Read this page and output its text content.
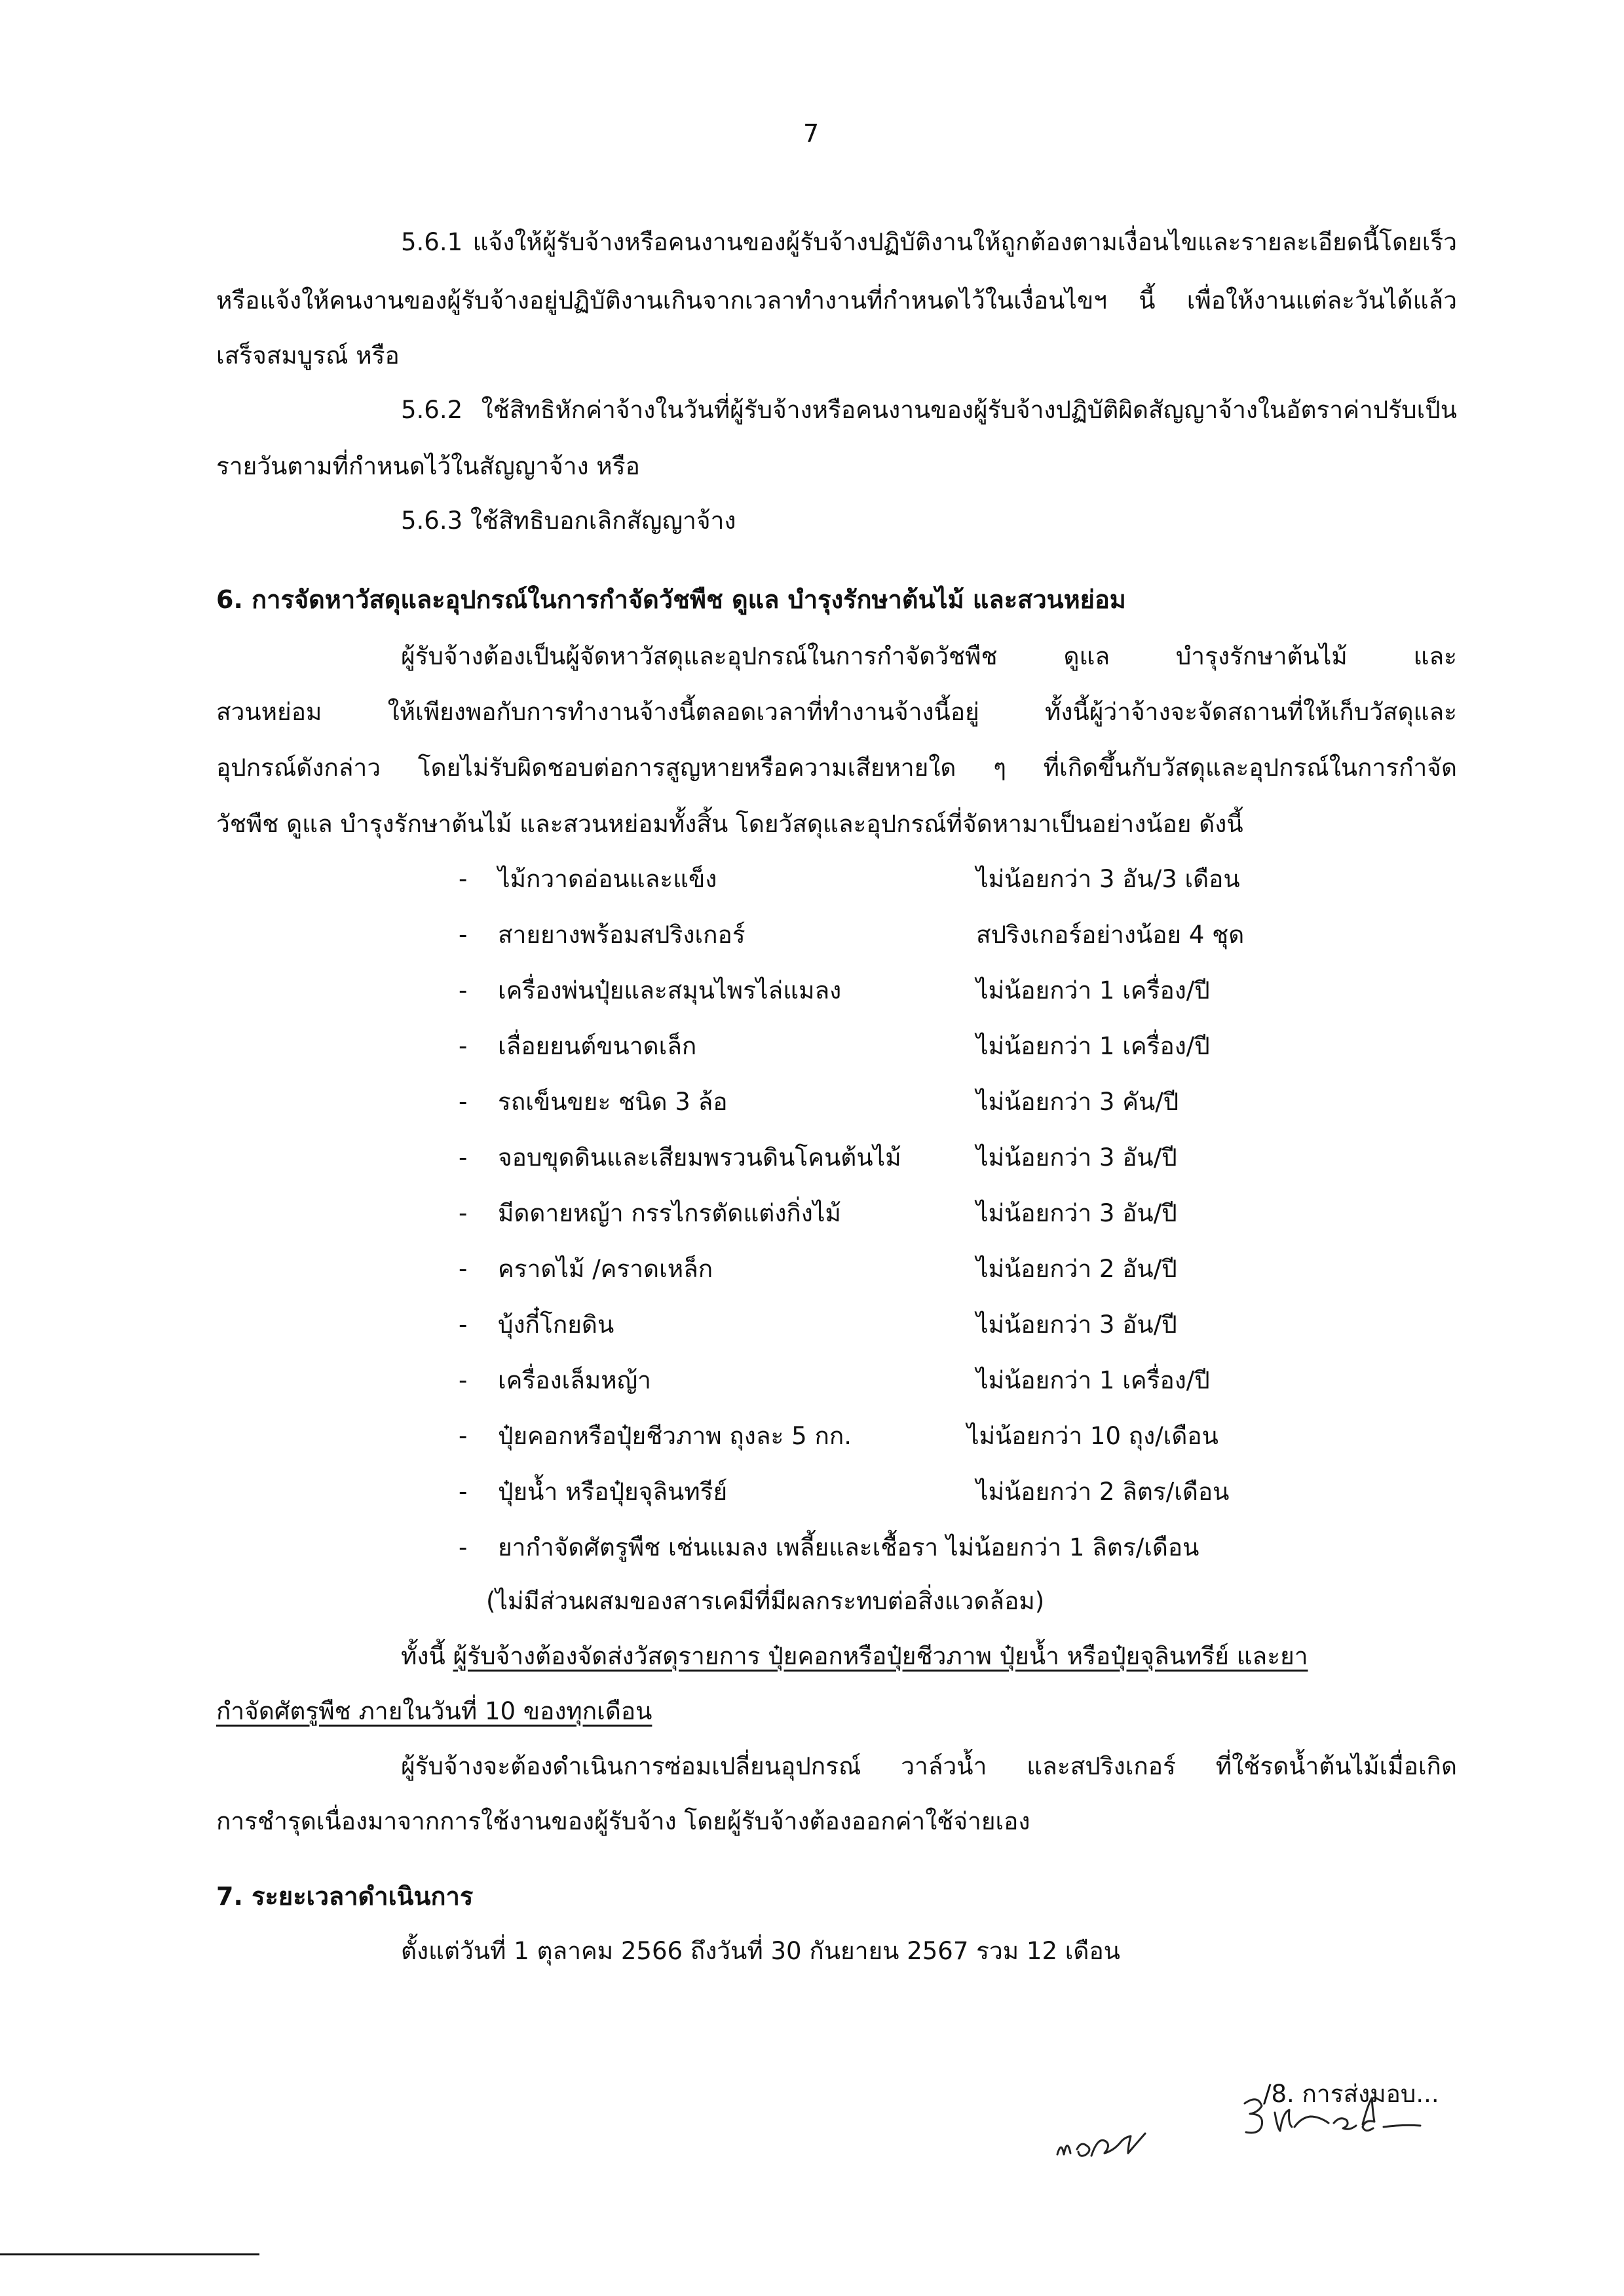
7
5.6.1 แจ้งให้ผู้รับจ้างหรือคนงานของผู้รับจ้างปฏิบัติงานให้ถูกต้องตามเงื่อนไขและรายละเอียดนี้โดยเร็ว
หรือแจ้งให้คนงานของผู้รับจ้างอยู่ปฏิบัติงานเกินจากเวลาทำงานที่กำหนดไว้ในเงื่อนไขฯ นี้ เพื่อให้งานแต่ละวันได้แล้ว
เสร็จสมบูรณ์ หรือ
5.6.2 ใช้สิทธิหักค่าจ้างในวันที่ผู้รับจ้างหรือคนงานของผู้รับจ้างปฏิบัติผิดสัญญาจ้างในอัตราค่าปรับเป็น
รายวันตามที่กำหนดไว้ในสัญญาจ้าง หรือ
5.6.3 ใช้สิทธิบอกเลิกสัญญาจ้าง
6. การจัดหาวัสดุและอุปกรณ์ในการกำจัดวัชพืช ดูแล บำรุงรักษาต้นไม้ และสวนหย่อม
ผู้รับจ้างต้องเป็นผู้จัดหาวัสดุและอุปกรณ์ในการกำจัดวัชพืช ดูแล บำรุงรักษาต้นไม้ และ
สวนหย่อม ให้เพียงพอกับการทำงานจ้างนี้ตลอดเวลาที่ทำงานจ้างนี้อยู่ ทั้งนี้ผู้ว่าจ้างจะจัดสถานที่ให้เก็บวัสดุและ
อุปกรณ์ดังกล่าว โดยไม่รับผิดชอบต่อการสูญหายหรือความเสียหายใด ๆ ที่เกิดขึ้นกับวัสดุและอุปกรณ์ในการกำจัด
วัชพืช ดูแล บำรุงรักษาต้นไม้ และสวนหย่อมทั้งสิ้น โดยวัสดุและอุปกรณ์ที่จัดหามาเป็นอย่างน้อย ดังนี้
- ไม้กวาดอ่อนและแข็ง	ไม่น้อยกว่า 3 อัน/3 เดือน
- สายยางพร้อมสปริงเกอร์	สปริงเกอร์อย่างน้อย 4 ชุด
- เครื่องพ่นปุ๋ยและสมุนไพรไล่แมลง	ไม่น้อยกว่า 1 เครื่อง/ปี
- เลื่อยยนต์ขนาดเล็ก	ไม่น้อยกว่า 1 เครื่อง/ปี
- รถเข็นขยะ ชนิด 3 ล้อ	ไม่น้อยกว่า 3 คัน/ปี
- จอบขุดดินและเสียมพรวนดินโคนต้นไม้	ไม่น้อยกว่า 3 อัน/ปี
- มีดดายหญ้า กรรไกรตัดแต่งกิ่งไม้	ไม่น้อยกว่า 3 อัน/ปี
- คราดไม้ /คราดเหล็ก	ไม่น้อยกว่า 2 อัน/ปี
- บุ้งกี๋โกยดิน	ไม่น้อยกว่า 3 อัน/ปี
- เครื่องเล็มหญ้า	ไม่น้อยกว่า 1 เครื่อง/ปี
- ปุ๋ยคอกหรือปุ๋ยชีวภาพ ถุงละ 5 กก.	ไม่น้อยกว่า 10 ถุง/เดือน
- ปุ๋ยน้ำ หรือปุ๋ยจุลินทรีย์	ไม่น้อยกว่า 2 ลิตร/เดือน
- ยากำจัดศัตรูพืช เช่นแมลง เพลี้ยและเชื้อรา ไม่น้อยกว่า 1 ลิตร/เดือน
(ไม่มีส่วนผสมของสารเคมีที่มีผลกระทบต่อสิ่งแวดล้อม)
ทั้งนี้ ผู้รับจ้างต้องจัดส่งวัสดุรายการ ปุ๋ยคอกหรือปุ๋ยชีวภาพ ปุ๋ยน้ำ หรือปุ๋ยจุลินทรีย์ และยา
กำจัดศัตรูพืช ภายในวันที่ 10 ของทุกเดือน
ผู้รับจ้างจะต้องดำเนินการซ่อมเปลี่ยนอุปกรณ์ วาล์วน้ำ และสปริงเกอร์ ที่ใช้รดน้ำต้นไม้เมื่อเกิด
การชำรุดเนื่องมาจากการใช้งานของผู้รับจ้าง โดยผู้รับจ้างต้องออกค่าใช้จ่ายเอง
7. ระยะเวลาดำเนินการ
ตั้งแต่วันที่ 1 ตุลาคม 2566 ถึงวันที่ 30 กันยายน 2567 รวม 12 เดือน
/8. การส่งมอบ...
